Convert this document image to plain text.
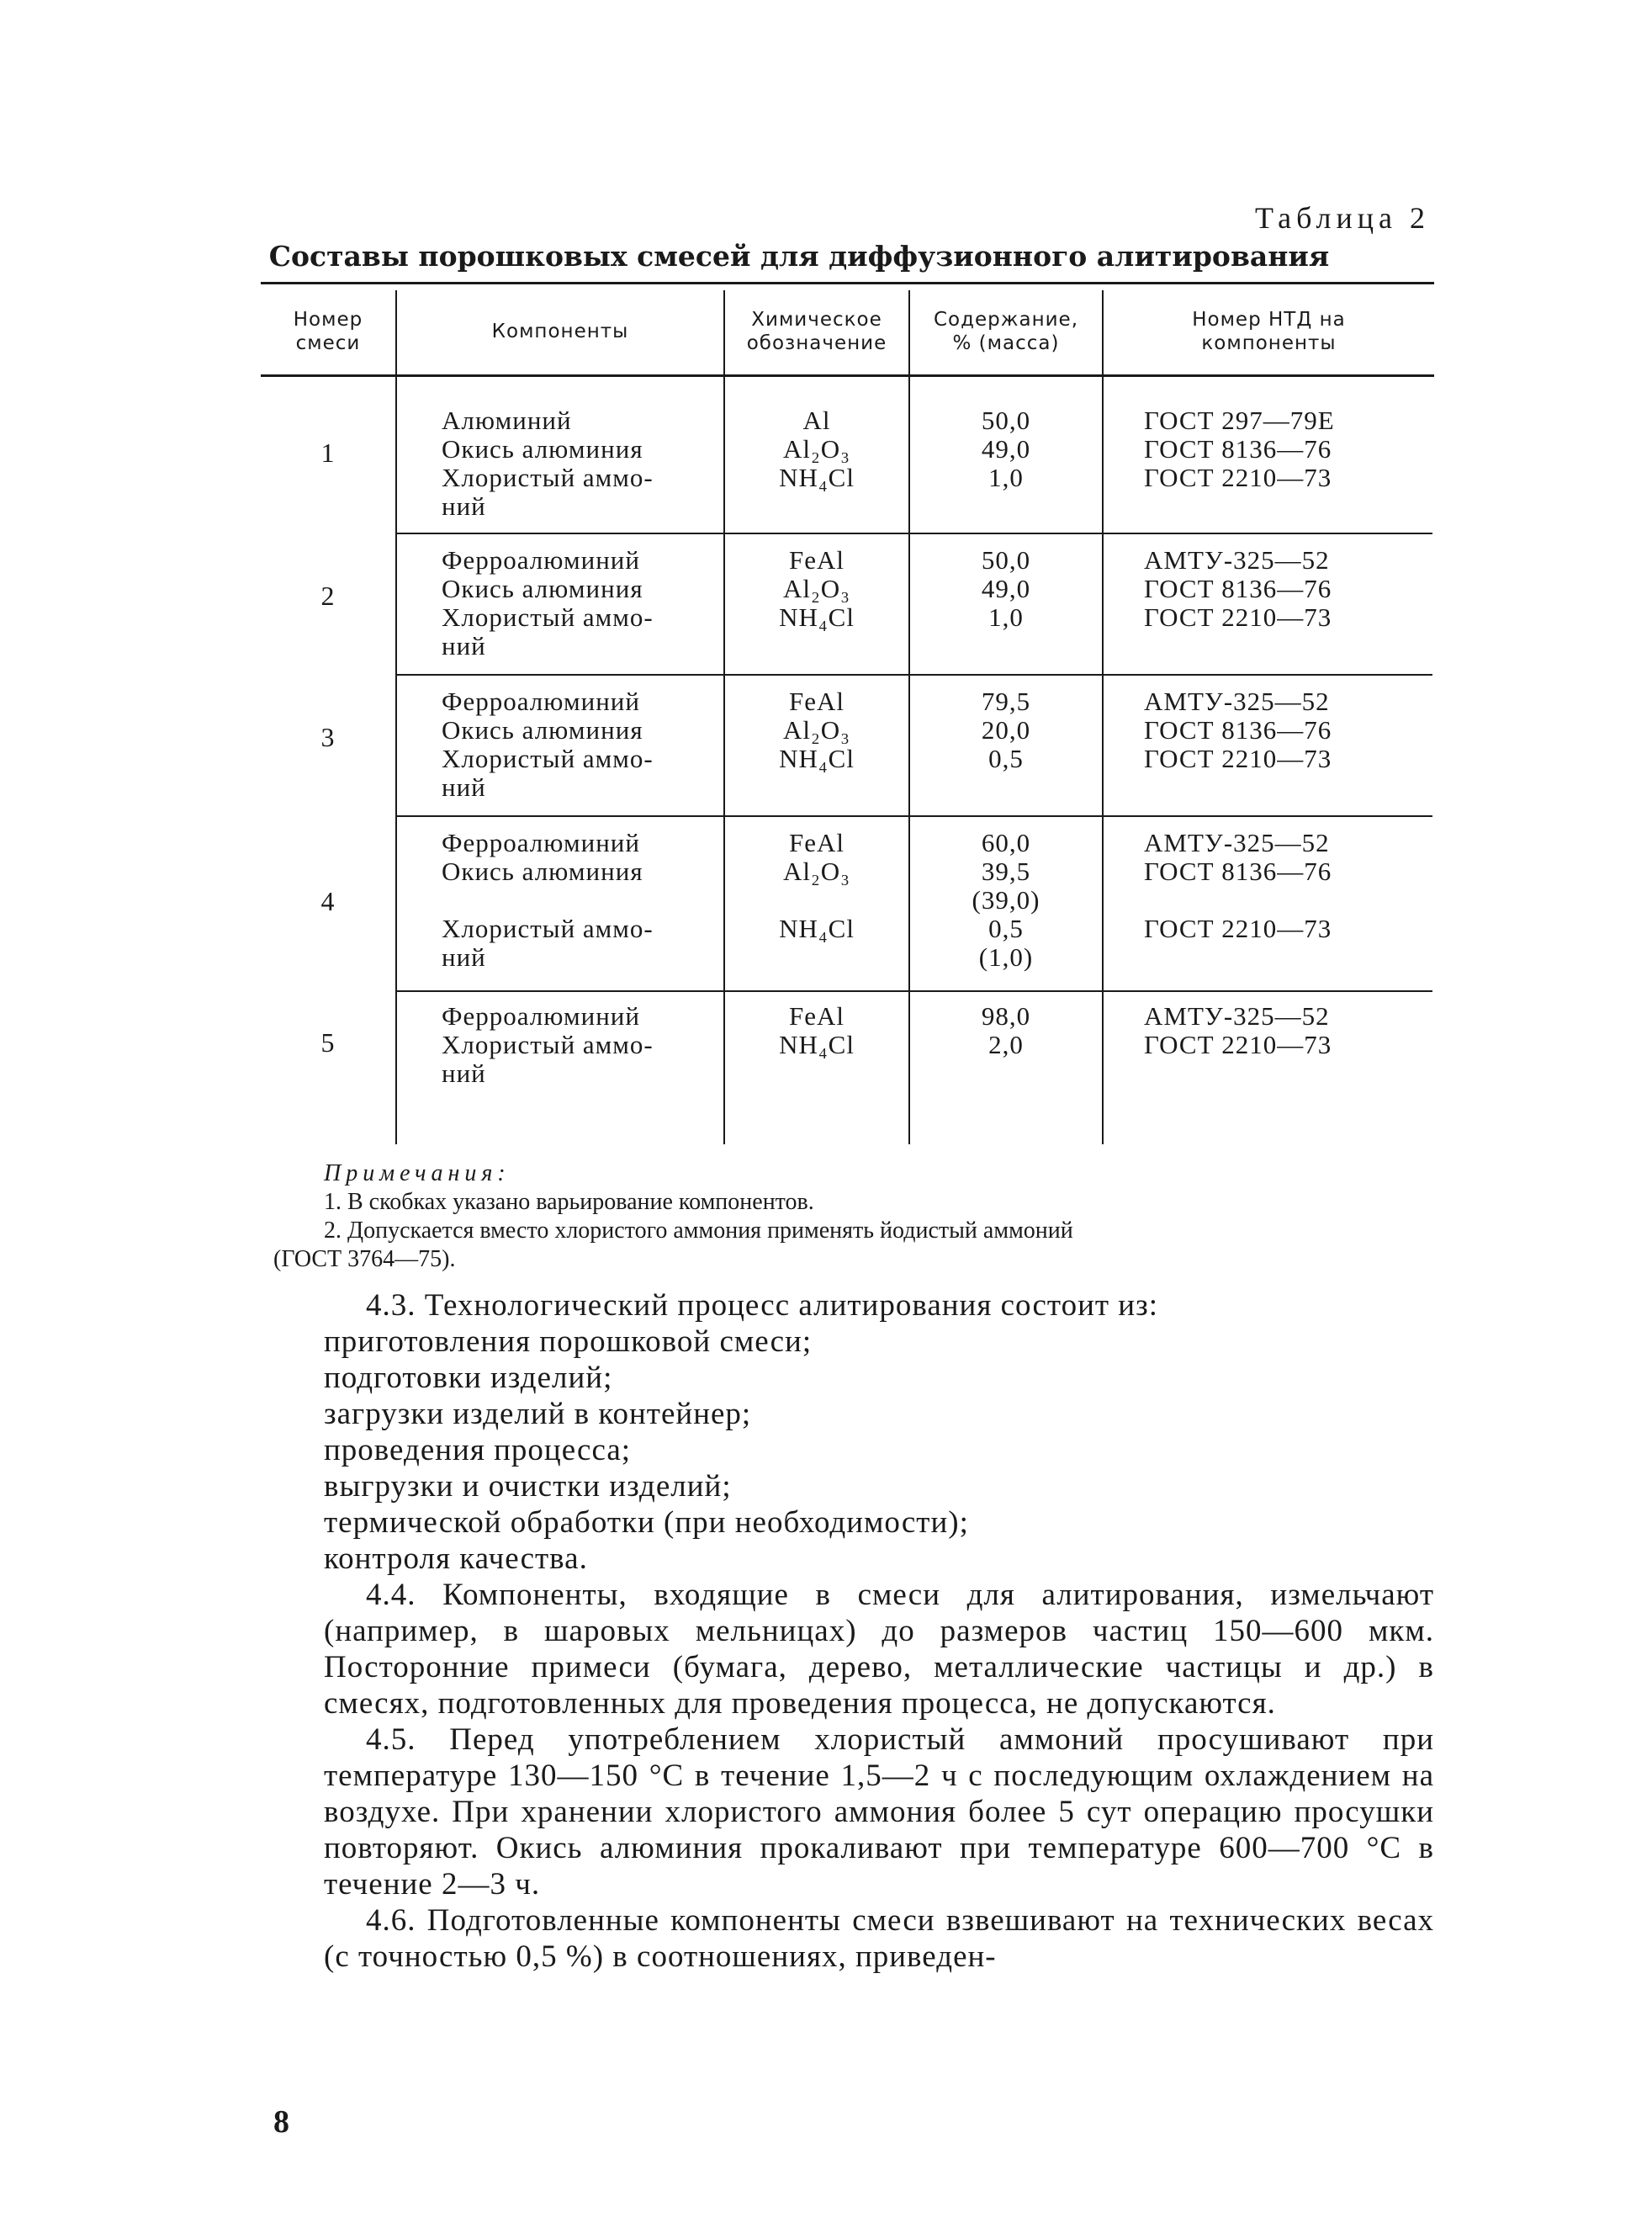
Таблица 2
Составы порошковых смесей для диффузионного алитирования
Номер
смеси
Компоненты
Химическое
обозначение
Содержание,
% (масса)
Номер НТД на
компоненты
1
Алюминий
Окись алюминия
Хлористый аммо-
ний
Al
Al₂O₃
NH₄Cl
50,0
49,0
1,0
ГОСТ 297—79Е
ГОСТ 8136—76
ГОСТ 2210—73
2
Ферроалюминий
Окись алюминия
Хлористый аммо-
ний
FeAl
Al₂O₃
NH₄Cl
50,0
49,0
1,0
АМТУ-325—52
ГОСТ 8136—76
ГОСТ 2210—73
3
Ферроалюминий
Окись алюминия
Хлористый аммо-
ний
FeAl
Al₂O₃
NH₄Cl
79,5
20,0
0,5
АМТУ-325—52
ГОСТ 8136—76
ГОСТ 2210—73
4
Ферроалюминий
Окись алюминия

Хлористый аммо-
ний
FeAl
Al₂O₃

NH₄Cl
60,0
39,5
(39,0)
0,5
(1,0)
АМТУ-325—52
ГОСТ 8136—76

ГОСТ 2210—73
5
Ферроалюминий
Хлористый аммо-
ний
FeAl
NH₄Cl
98,0
2,0
АМТУ-325—52
ГОСТ 2210—73
Примечания:
1. В скобках указано варьирование компонентов.
2. Допускается вместо хлористого аммония применять йодистый аммоний
(ГОСТ 3764—75).

4.3. Технологический процесс алитирования состоит из:

приготовления порошковой смеси;

подготовки изделий;

загрузки изделий в контейнер;

проведения процесса;

выгрузки и очистки изделий;

термической обработки (при необходимости);

контроля качества.

4.4. Компоненты, входящие в смеси для алитирования, измельчают (например, в шаровых мельницах) до размеров частиц 150—600 мкм. Посторонние примеси (бумага, дерево, металлические частицы и др.) в смесях, подготовленных для проведения процесса, не допускаются.

4.5. Перед употреблением хлористый аммоний просушивают при температуре 130—150 °С в течение 1,5—2 ч с последующим охлаждением на воздухе. При хранении хлористого аммония более 5 сут операцию просушки повторяют. Окись алюминия прокаливают при температуре 600—700 °С в течение 2—3 ч.

4.6. Подготовленные компоненты смеси взвешивают на технических весах (с точностью 0,5 %) в соотношениях, приведен-

8
